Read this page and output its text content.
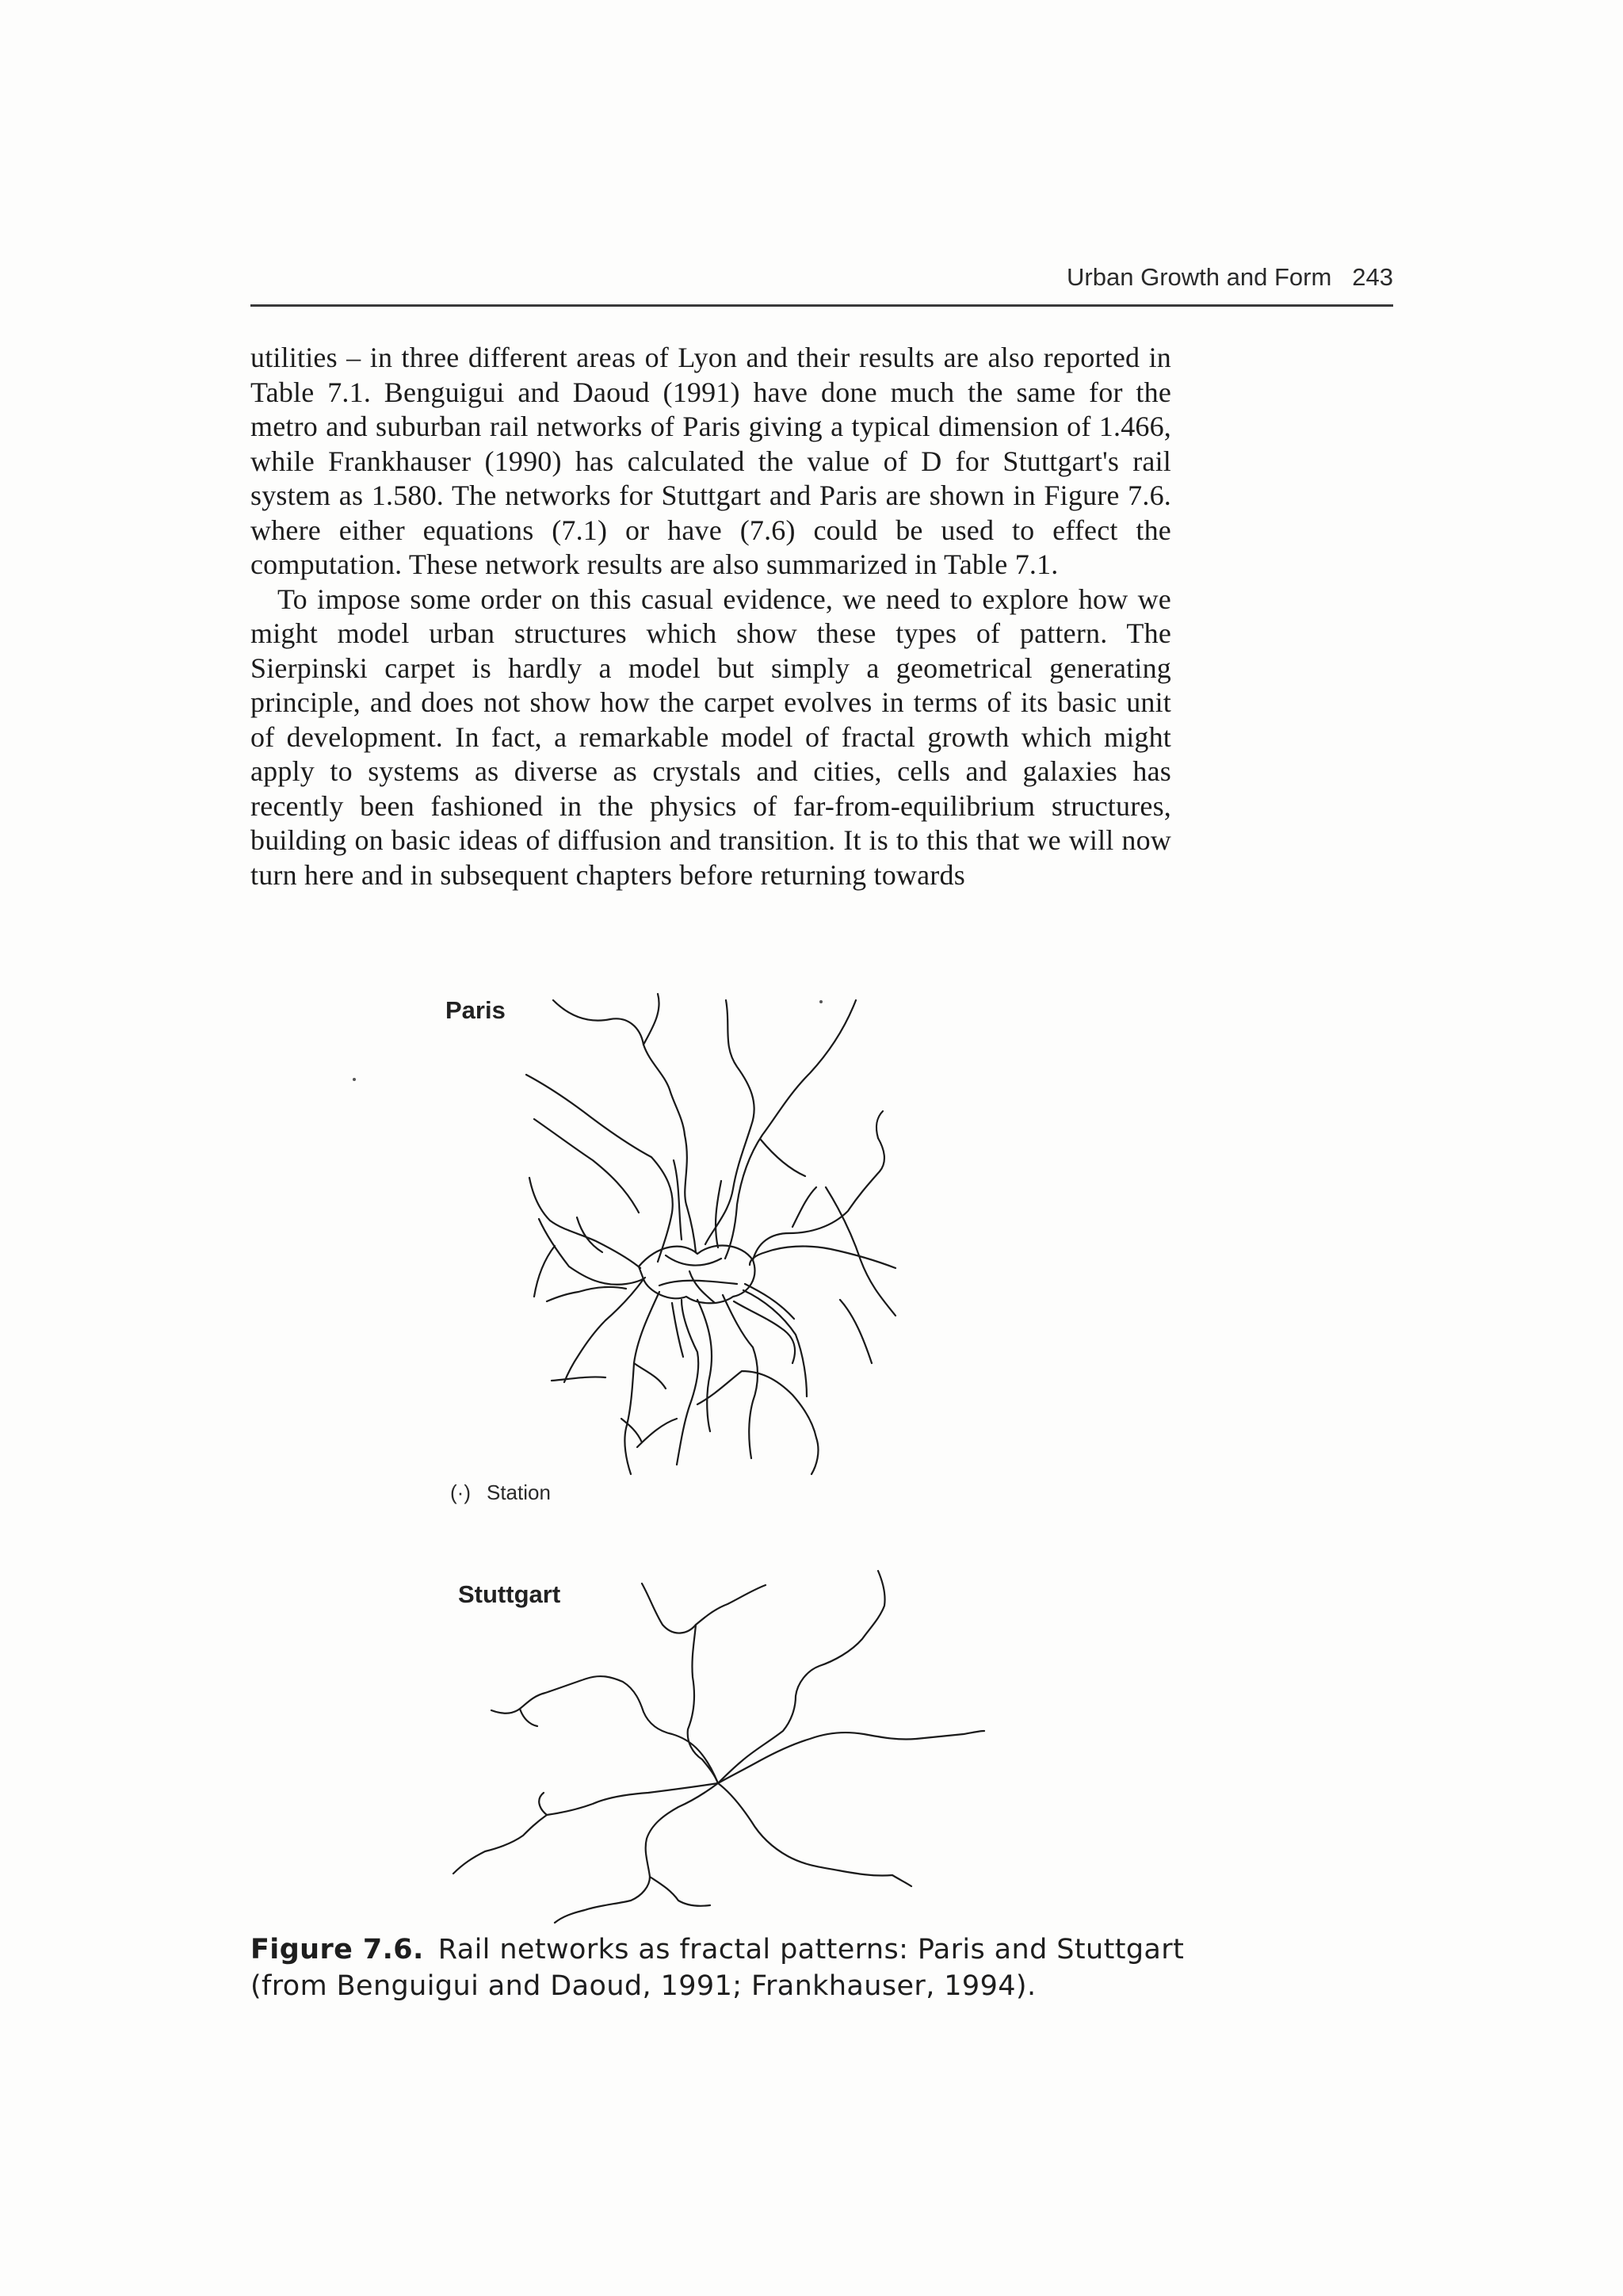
Urban Growth and Form 243

utilities – in three different areas of Lyon and their results are also reported in Table 7.1. Benguigui and Daoud (1991) have done much the same for the metro and suburban rail networks of Paris giving a typical dimension of 1.466, while Frankhauser (1990) has calculated the value of D for Stuttgart's rail system as 1.580. The networks for Stuttgart and Paris are shown in Figure 7.6. where either equations (7.1) or have (7.6) could be used to effect the computation. These network results are also summarized in Table 7.1.

To impose some order on this casual evidence, we need to explore how we might model urban structures which show these types of pattern. The Sierpinski carpet is hardly a model but simply a geometrical generating principle, and does not show how the carpet evolves in terms of its basic unit of development. In fact, a remarkable model of fractal growth which might apply to systems as diverse as crystals and cities, cells and galaxies has recently been fashioned in the physics of far-from-equilibrium structures, building on basic ideas of diffusion and transition. It is to this that we will now turn here and in subsequent chapters before returning towards

Paris
(·) Station
Stuttgart
Figure 7.6. Rail networks as fractal patterns: Paris and Stuttgart (from Benguigui and Daoud, 1991; Frankhauser, 1994).
